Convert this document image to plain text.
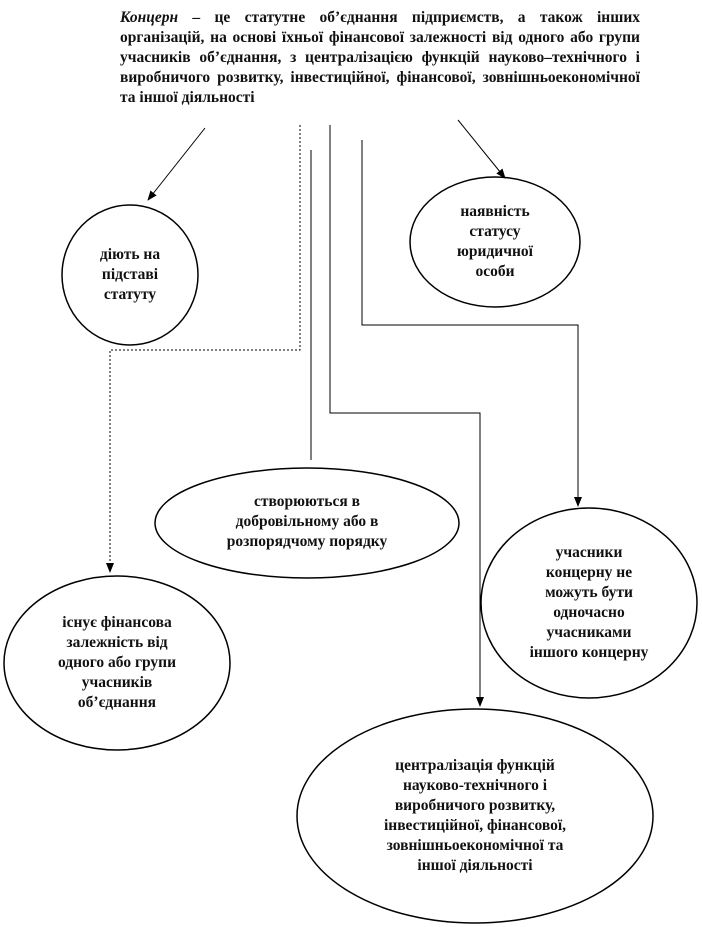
Концерн – це статутне об’єднання підприємств, а також інших організацій, на основі їхньої фінансової залежності від одного або групи учасників об’єднання, з централізацією функцій науково–технічного і виробничого розвитку, інвестиційної, фінансової, зовнішньоекономічної та іншої діяльності
діють на
підставі
статуту
наявність
статусу
юридичної
особи
створюються в
добровільному або в
розпорядчому порядку
існує фінансова
залежність від
одного або групи
учасників
об’єднання
учасники
концерну не
можуть бути
одночасно
учасниками
іншого концерну
централізація функцій
науково-технічного і
виробничого розвитку,
інвестиційної, фінансової,
зовнішньоекономічної та
іншої діяльності
